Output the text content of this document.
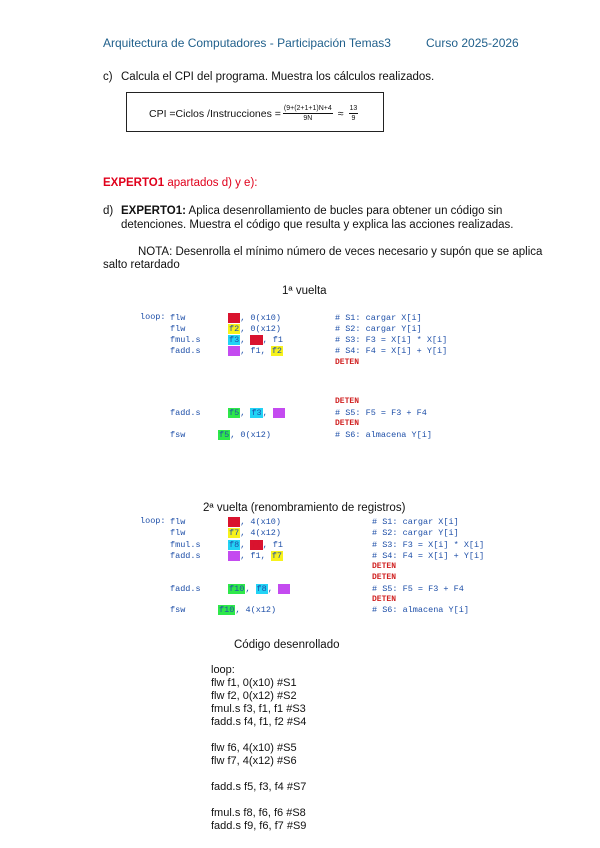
Arquitectura de Computadores - Participación Temas3	Curso 2025-2026
c) Calcula el CPI del programa. Muestra los cálculos realizados.
CPI =Ciclos /Instrucciones = $\frac{(9+(2+1+1)N+4}{9N} \approx \frac{13}{9}$
EXPERTO1 apartados d) y e):
d) EXPERTO1: Aplica desenrollamiento de bucles para obtener un código sin
detenciones. Muestra el código que resulta y explica las acciones realizadas.
NOTA: Desenrolla el mínimo número de veces necesario y supón que se aplica
salto retardado
1ª vuelta
loop: flw	f1, 0(x10)	# S1: cargar X[i]
flw	f2, 0(x12)	# S2: cargar Y[i]
fmul.s	f3, f1, f1	# S3: F3 = X[i] * X[i]
fadd.s	f4, f1, f2	# S4: F4 = X[i] + Y[i]
DETEN
DETEN
fadd.s	f5, f3, f4	# S5: F5 = F3 + F4
DETEN
fsw	f5, 0(x12)	# S6: almacena Y[i]
2ª vuelta (renombramiento de registros)
loop: flw	f6, 4(x10)	# S1: cargar X[i]
flw	f7, 4(x12)	# S2: cargar Y[i]
fmul.s	f8, f6, f1	# S3: F3 = X[i] * X[i]
fadd.s	f9, f1, f7	# S4: F4 = X[i] + Y[i]
DETEN
DETEN
fadd.s	f10, f8, f9	# S5: F5 = F3 + F4
DETEN
fsw	f10, 4(x12)	# S6: almacena Y[i]
Código desenrollado
loop:
flw f1, 0(x10) #S1
flw f2, 0(x12) #S2
fmul.s f3, f1, f1 #S3
fadd.s f4, f1, f2 #S4
flw f6, 4(x10) #S5
flw f7, 4(x12) #S6
fadd.s f5, f3, f4 #S7
fmul.s f8, f6, f6 #S8
fadd.s f9, f6, f7 #S9
